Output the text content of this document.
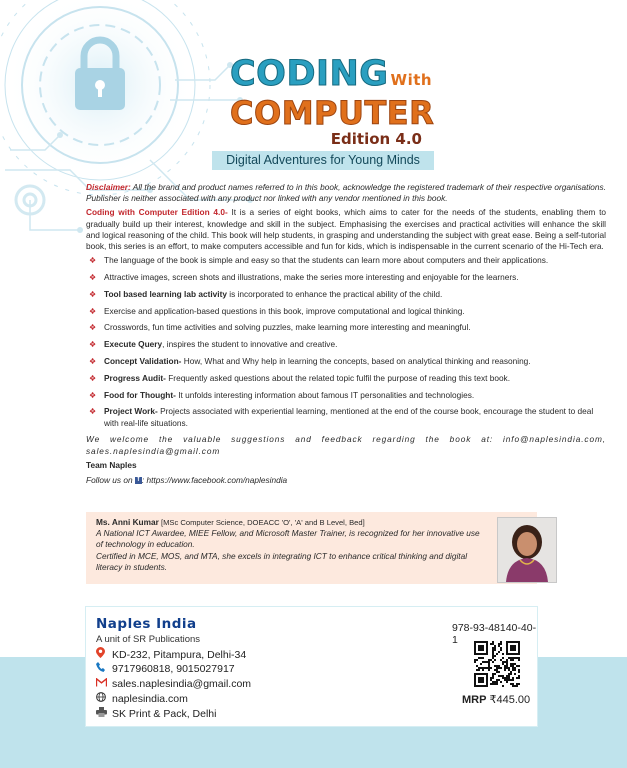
CODING With
COMPUTER
Edition 4.0
Digital Adventures for Young Minds

Disclaimer: All the brand and product names referred to in this book, acknowledge the registered trademark of their respective organisations. Publisher is neither associated with any product nor linked with any vendor mentioned in this book.

Coding with Computer Edition 4.0- It is a series of eight books, which aims to cater for the needs of the students, enabling them to gradually build up their interest, knowledge and skill in the subject. Emphasising the exercises and practical activities will enhance the skill and logical reasoning of the child. This book will help students, in grasping and understanding the subject with great ease. Being a self-tutorial book, this series is an effort, to make computers accessible and fun for kids, which is indispensable in the current scenario of the Hi-Tech era.

❖ The language of the book is simple and easy so that the students can learn more about computers and their applications.
❖ Attractive images, screen shots and illustrations, make the series more interesting and enjoyable for the learners.
❖ Tool based learning lab activity is incorporated to enhance the practical ability of the child.
❖ Exercise and application-based questions in this book, improve computational and logical thinking.
❖ Crosswords, fun time activities and solving puzzles, make learning more interesting and meaningful.
❖ Execute Query, inspires the student to innovative and creative.
❖ Concept Validation- How, What and Why help in learning the concepts, based on analytical thinking and reasoning.
❖ Progress Audit- Frequently asked questions about the related topic fulfil the purpose of reading this text book.
❖ Food for Thought- It unfolds interesting information about famous IT personalities and technologies.
❖ Project Work- Projects associated with experiential learning, mentioned at the end of the course book, encourage the student to deal with real-life situations.

We welcome the valuable suggestions and feedback regarding the book at: info@naplesindia.com, sales.naplesindia@gmail.com

Team Naples
Follow us on f : https://www.facebook.com/naplesindia
Ms. Anni Kumar [MSc Computer Science, DOEACC 'O', 'A' and B Level, Bed]
A National ICT Awardee, MIEE Fellow, and Microsoft Master Trainer, is recognized for her innovative use of technology in education.
Certified in MCE, MOS, and MTA, she excels in integrating ICT to enhance critical thinking and digital literacy in students.
Naples India
A unit of SR Publications
KD-232, Pitampura, Delhi-34
9717960818, 9015027917
sales.naplesindia@gmail.com
naplesindia.com
SK Print & Pack, Delhi
978-93-48140-40-1
MRP ₹445.00
